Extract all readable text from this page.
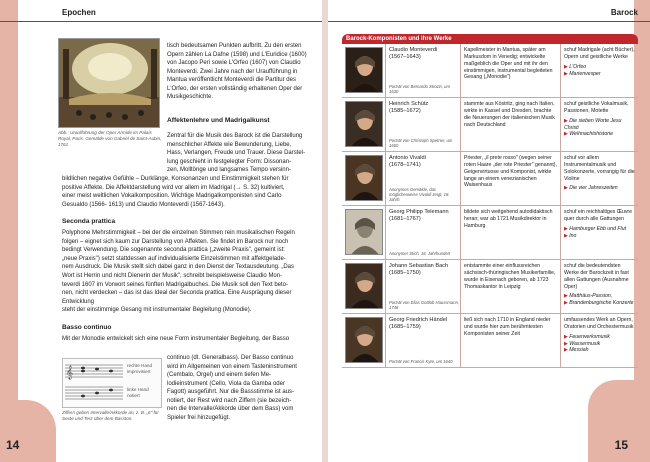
Epochen
Abb.: Uraufführung der Oper Armide im Palais Royal, Paris. Gemälde von Gabriel de Saint-Aubin, 1761

tisch bedeutsamen Punkten aufbritt. Zu den ersten

Opern zählen La Dafne (1598) und L'Euridice (1600)

von Jacopo Peri sowie L'Orfeo (1607) von Claudio

Monteverdi. Zwei Jahre nach der Uraufführung in

Mantua veröffentlicht Monteverdi die Partitur des

L'Orfeo, der ersten vollständig erhaltenen Oper der

Musikgeschichte.

Affektenlehre und Madrigalkunst

Zentral für die Musik des Barock ist die Darstellung

menschlicher Affekte wie Bewunderung, Liebe,

Hass, Verlangen, Freude und Trauer. Diese Darstel-

lung geschieht in festgelegter Form: Dissonan-

zen, Molltönge und langsames Tempo versinn-

bildlichen negative Gefühle – Durklänge, Konsonanzen und Einstimmigkeit stehen für

positive Affekte. Die Affektdarstellung wird vor allem im Madrigal (→ S. 32) kultiviert,

einer meist weltlichen Vokalkomposition. Wichtige Madrigalkomponisten sind Carlo

Gesualdo (1566- 1613) und Claudio Monteverdi (1567-1643).

Seconda prattica

Polyphone Mehrstimmigkeit – bei der die einzelnen Stimmen rein musikalischen Regeln

folgen – eignet sich kaum zur Darstellung von Affekten. Sie findet im Barock nur noch

bedingt Verwendung. Die sogenannte seconda prattica („zweite Praxis", gemeint ist:

„neue Praxis") setzt stattdessen auf individualisierte Einzelstimmen mit affektgelade-

nem Ausdruck. Die Musik stellt sich dabei ganz in den Dienst der Textausdeutung. „Das

Wort ist Herrin und nicht Dienerin der Musik", schreibt beispielsweise Claudio Mon-

teverdi 1607 im Vorwort seines fünften Madrigalbuches. Die Musik soll den Text beto-

nen, nicht verdecken – das ist das Ideal der Seconda prattica. Eine Ausprägung dieser Entwicklung

steht der einstimmige Gesang mit instrumentaler Begleitung (Monodie).

Basso continuo

Mit der Monodie entwickelt sich eine neue Form instrumentaler Begleitung, der Basso

continuo (dt. Generalbass). Der Basso continuo

wird im Allgemeinen von einem Tasteninstrument

(Cembalo, Orgel) und einem tiefen Me-

lodieinstrument (Cello, Viola da Gamba oder

Fagott) ausgeführt. Nur die Bassstimme ist aus-

notiert, der Rest wird nach Ziffern (sie bezeich-

nen die Intervalle/Akkorde über dem Bass) vom

Spieler frei hinzugefügt.

𝄞	rechte Hand improvisiert
linke Hand notiert
Ziffern geben Intervalle/Akkorde an, z. B. „6" für Sexte und Terz über dem Basston.
14
Barock
Barock-Komponisten und ihre Werke
Claudio Monteverdi
(1567–1643)
Porträt von Bernardo Strozzi, um 1630
Kapellmeister in Mantua, später am Markusdom in Venedig; entwickelte maßgeblich die Oper und mit ihr den einstimmigen, instrumental begleiteten Gesang („Monodie")
schuf Madrigale (acht Bücher), Opern und geistliche Werke
▶ L'Orfeo
▶ Marienvesper
Heinrich Schütz
(1585–1672)
Porträt von Christoph Spetner, um 1660
stammte aus Köstritz, ging nach Italien, wirkte in Kassel und Dresden, brachte die Neuerungen der italienischen Musik nach Deutschland
schuf geistliche Vokalmusik, Passionen, Motette
▶ Die sieben Worte Jesu Christi
▶ Weihnachtshistorie
Antonio Vivaldi
(1678–1741)
Anonymes Gemälde, das möglicherweise Vivaldi zeigt, 18. Jahrh.
Priester, „il prete rosso" (wegen seiner roten Haare „der rote Priester" genannt), Geigenvirtuose und Komponist, wirkte lange an einem venezianischen Waisenhaus
schuf vor allem Instrumentalmusik und Solokonzerte, vorrangig für die Violine
▶ Die vier Jahreszeiten
Georg Philipp Telemann
(1681–1767)
Anonymer Stich, 18. Jahrhundert
bildete sich weitgehend autodidaktisch heran; war ab 1721 Musikdirektor in Hamburg
schuf ein reichhaltiges Œuvre quer durch alle Gattungen
▶ Hamburger Ebb und Flut
▶ Ino
Johann Sebastian Bach
(1685–1750)
Porträt von Elias Gottlob Haussmann, 1748
entstammte einer einflussreichen sächsisch-thüringischen Musikerfamilie, wurde in Eisenach geboren, ab 1723 Thomaskantor in Leipzig
schuf die bedeutendsten Werke der Barockzeit in fast allen Gattungen (Ausnahme Oper)
▶ Matthäus-Passion,
▶ Brandenburgische Konzerte
Georg Friedrich Händel
(1685–1759)
Porträt von Francis Kyte, um 1640
ließ sich nach 1710 in England nieder und wurde hier zum berühmtesten Komponisten seiner Zeit
umfassendes Werk an Opern, Oratorien und Orchestermusik
▶ Feuerwerksmusik
▶ Wassermusik
▶ Messiah
15
